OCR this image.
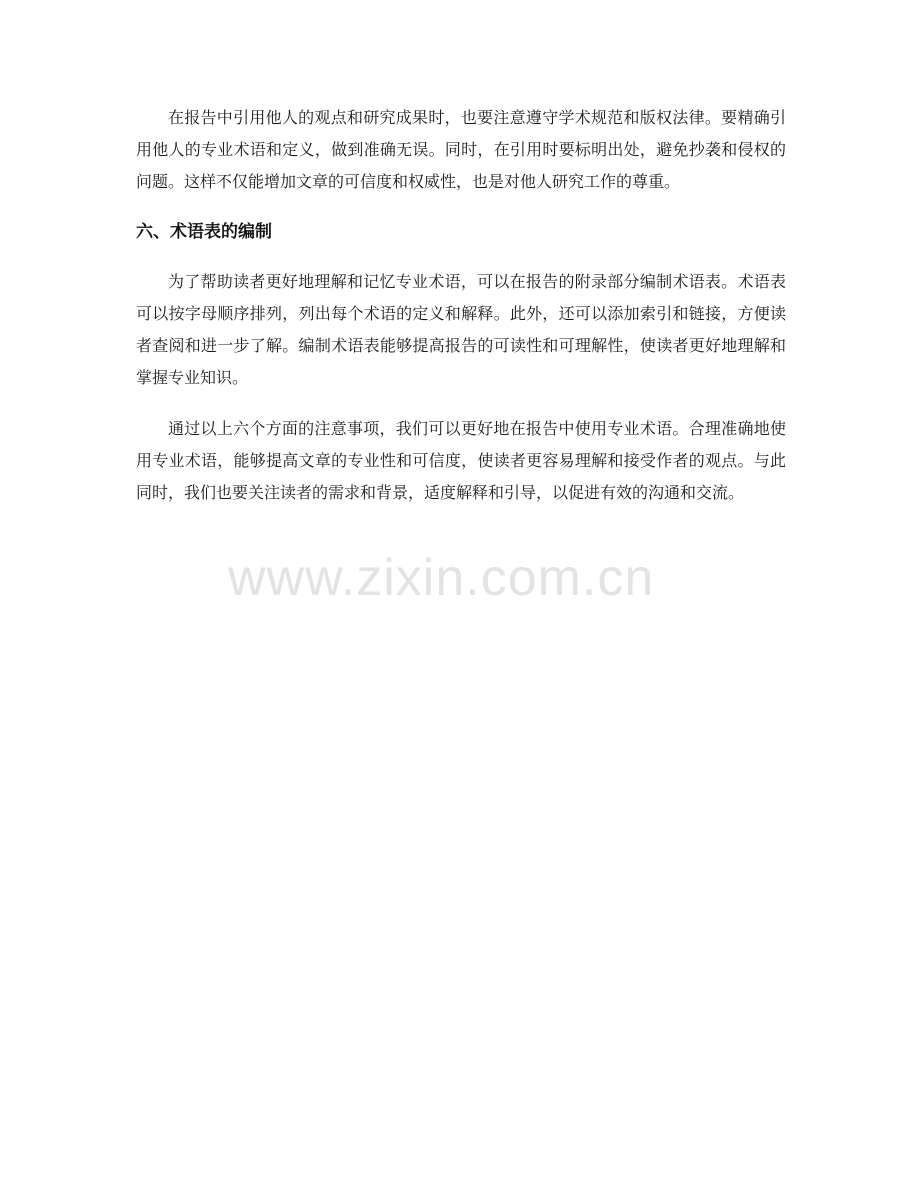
在报告中引用他人的观点和研究成果时，也要注意遵守学术规范和版权法律。要精确引用他人的专业术语和定义，做到准确无误。同时，在引用时要标明出处，避免抄袭和侵权的问题。这样不仅能增加文章的可信度和权威性，也是对他人研究工作的尊重。

六、术语表的编制

为了帮助读者更好地理解和记忆专业术语，可以在报告的附录部分编制术语表。术语表可以按字母顺序排列，列出每个术语的定义和解释。此外，还可以添加索引和链接，方便读者查阅和进一步了解。编制术语表能够提高报告的可读性和可理解性，使读者更好地理解和掌握专业知识。

通过以上六个方面的注意事项，我们可以更好地在报告中使用专业术语。合理准确地使用专业术语，能够提高文章的专业性和可信度，使读者更容易理解和接受作者的观点。与此同时，我们也要关注读者的需求和背景，适度解释和引导，以促进有效的沟通和交流。

www.zixin.com.cn
